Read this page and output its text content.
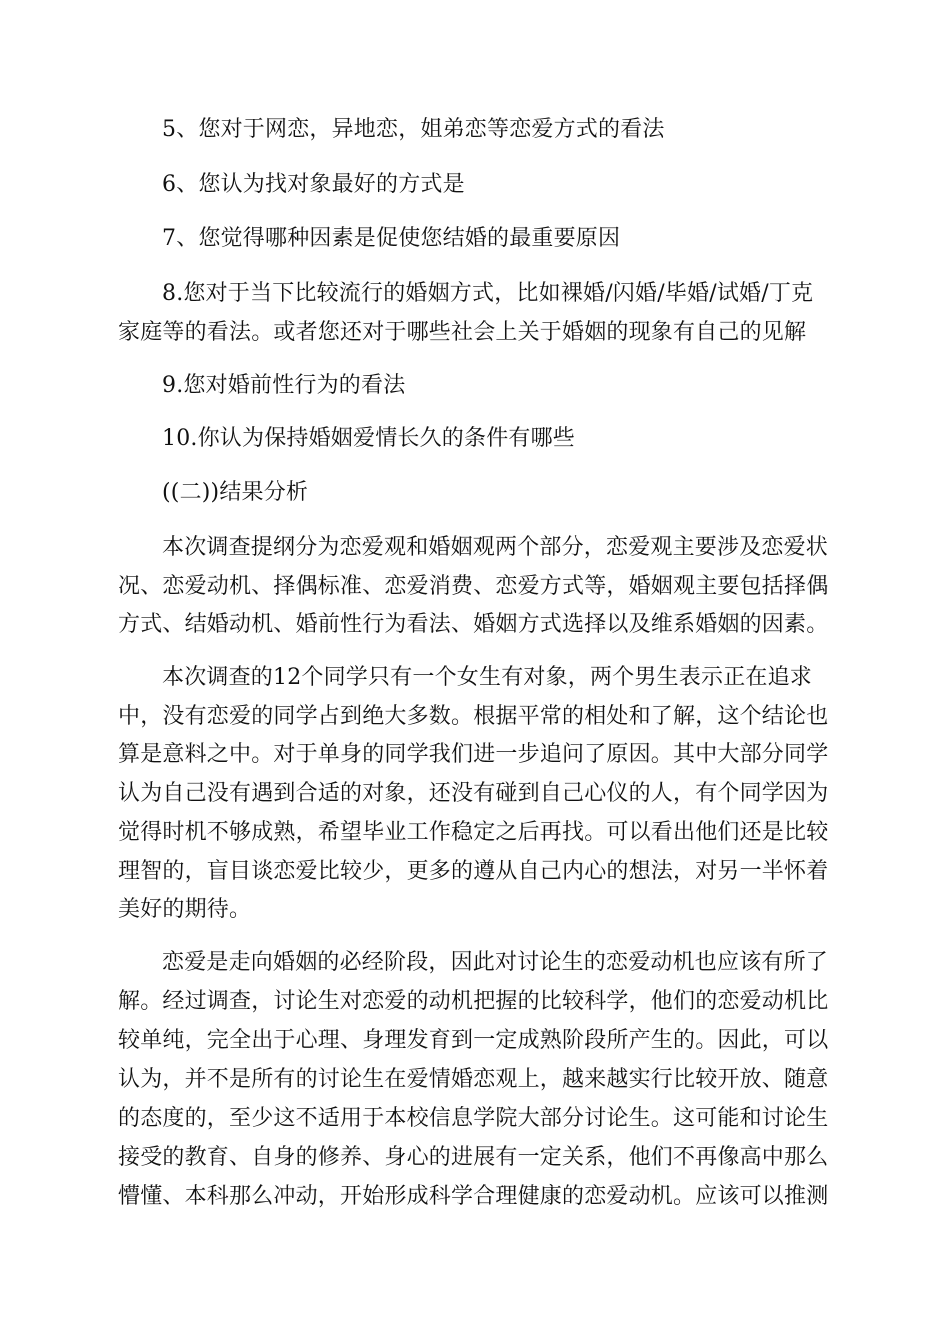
5、您对于网恋，异地恋，姐弟恋等恋爱方式的看法
6、您认为找对象最好的方式是
7、您觉得哪种因素是促使您结婚的最重要原因
8.您对于当下比较流行的婚姻方式，比如裸婚/闪婚/毕婚/试婚/丁克
家庭等的看法。或者您还对于哪些社会上关于婚姻的现象有自己的见解
9.您对婚前性行为的看法
10.你认为保持婚姻爱情长久的条件有哪些
((二))结果分析
本次调查提纲分为恋爱观和婚姻观两个部分，恋爱观主要涉及恋爱状
况、恋爱动机、择偶标准、恋爱消费、恋爱方式等，婚姻观主要包括择偶
方式、结婚动机、婚前性行为看法、婚姻方式选择以及维系婚姻的因素。
本次调查的12个同学只有一个女生有对象，两个男生表示正在追求
中，没有恋爱的同学占到绝大多数。根据平常的相处和了解，这个结论也
算是意料之中。对于单身的同学我们进一步追问了原因。其中大部分同学
认为自己没有遇到合适的对象，还没有碰到自己心仪的人，有个同学因为
觉得时机不够成熟，希望毕业工作稳定之后再找。可以看出他们还是比较
理智的，盲目谈恋爱比较少，更多的遵从自己内心的想法，对另一半怀着
美好的期待。
恋爱是走向婚姻的必经阶段，因此对讨论生的恋爱动机也应该有所了
解。经过调查，讨论生对恋爱的动机把握的比较科学，他们的恋爱动机比
较单纯，完全出于心理、身理发育到一定成熟阶段所产生的。因此，可以
认为，并不是所有的讨论生在爱情婚恋观上，越来越实行比较开放、随意
的态度的，至少这不适用于本校信息学院大部分讨论生。这可能和讨论生
接受的教育、自身的修养、身心的进展有一定关系，他们不再像高中那么
懵懂、本科那么冲动，开始形成科学合理健康的恋爱动机。应该可以推测
